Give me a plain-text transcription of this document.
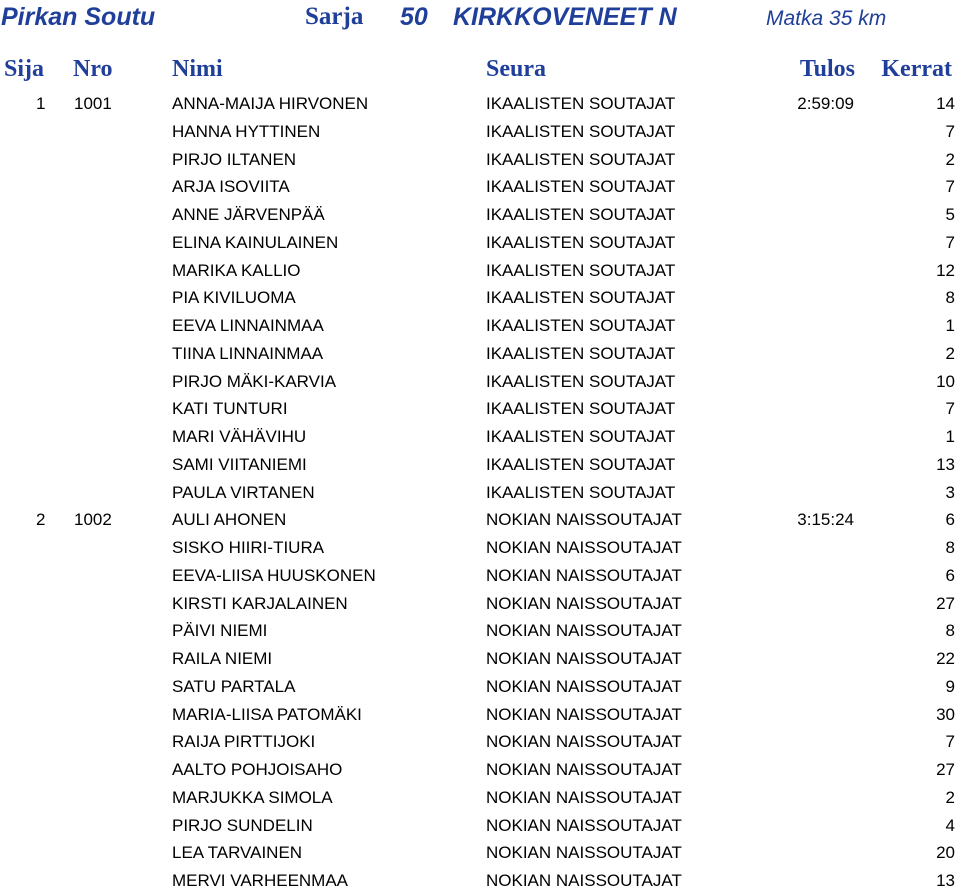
Pirkan Soutu	Sarja 50 KIRKKOVENEET N	Matka 35 km
Sija Nro Nimi	Seura	Tulos Kerrat
1 1001	ANNA-MAIJA HIRVONEN	IKAALISTEN SOUTAJAT	2:59:09	14
HANNA HYTTINEN	IKAALISTEN SOUTAJAT	7
PIRJO ILTANEN	IKAALISTEN SOUTAJAT	2
ARJA ISOVIITA	IKAALISTEN SOUTAJAT	7
ANNE JÄRVENPÄÄ	IKAALISTEN SOUTAJAT	5
ELINA KAINULAINEN	IKAALISTEN SOUTAJAT	7
MARIKA KALLIO	IKAALISTEN SOUTAJAT	12
PIA KIVILUOMA	IKAALISTEN SOUTAJAT	8
EEVA LINNAINMAA	IKAALISTEN SOUTAJAT	1
TIINA LINNAINMAA	IKAALISTEN SOUTAJAT	2
PIRJO MÄKI-KARVIA	IKAALISTEN SOUTAJAT	10
KATI TUNTURI	IKAALISTEN SOUTAJAT	7
MARI VÄHÄVIHU	IKAALISTEN SOUTAJAT	1
SAMI VIITANIEMI	IKAALISTEN SOUTAJAT	13
PAULA VIRTANEN	IKAALISTEN SOUTAJAT	3
2 1002	AULI AHONEN	NOKIAN NAISSOUTAJAT	3:15:24	6
SISKO HIIRI-TIURA	NOKIAN NAISSOUTAJAT	8
EEVA-LIISA HUUSKONEN	NOKIAN NAISSOUTAJAT	6
KIRSTI KARJALAINEN	NOKIAN NAISSOUTAJAT	27
PÄIVI NIEMI	NOKIAN NAISSOUTAJAT	8
RAILA NIEMI	NOKIAN NAISSOUTAJAT	22
SATU PARTALA	NOKIAN NAISSOUTAJAT	9
MARIA-LIISA PATOMÄKI	NOKIAN NAISSOUTAJAT	30
RAIJA PIRTTIJOKI	NOKIAN NAISSOUTAJAT	7
AALTO POHJOISAHO	NOKIAN NAISSOUTAJAT	27
MARJUKKA SIMOLA	NOKIAN NAISSOUTAJAT	2
PIRJO SUNDELIN	NOKIAN NAISSOUTAJAT	4
LEA TARVAINEN	NOKIAN NAISSOUTAJAT	20
MERVI VARHEENMAA	NOKIAN NAISSOUTAJAT	13
